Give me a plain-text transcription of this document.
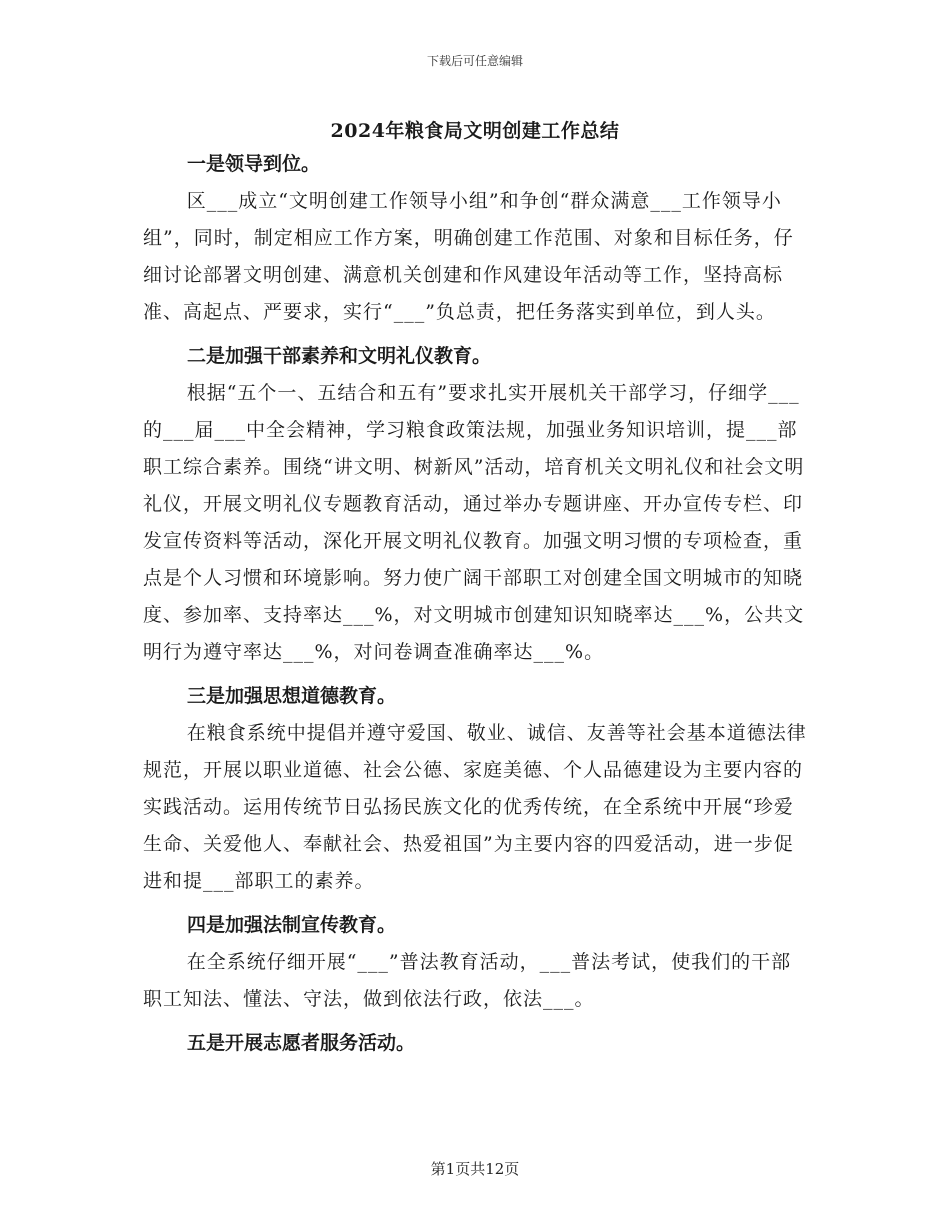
下载后可任意编辑
2024年粮食局文明创建工作总结

一是领导到位。

区___成立“文明创建工作领导小组”和争创“群众满意___工作领导小组”，同时，制定相应工作方案，明确创建工作范围、对象和目标任务，仔细讨论部署文明创建、满意机关创建和作风建设年活动等工作，坚持高标准、高起点、严要求，实行“___”负总责，把任务落实到单位，到人头。

二是加强干部素养和文明礼仪教育。

根据“五个一、五结合和五有”要求扎实开展机关干部学习，仔细学___的___届___中全会精神，学习粮食政策法规，加强业务知识培训，提___部职工综合素养。围绕“讲文明、树新风”活动，培育机关文明礼仪和社会文明礼仪，开展文明礼仪专题教育活动，通过举办专题讲座、开办宣传专栏、印发宣传资料等活动，深化开展文明礼仪教育。加强文明习惯的专项检查，重点是个人习惯和环境影响。努力使广阔干部职工对创建全国文明城市的知晓度、参加率、支持率达___%，对文明城市创建知识知晓率达___%，公共文明行为遵守率达___%，对问卷调查准确率达___%。

三是加强思想道德教育。

在粮食系统中提倡并遵守爱国、敬业、诚信、友善等社会基本道德法律规范，开展以职业道德、社会公德、家庭美德、个人品德建设为主要内容的实践活动。运用传统节日弘扬民族文化的优秀传统，在全系统中开展“珍爱生命、关爱他人、奉献社会、热爱祖国”为主要内容的四爱活动，进一步促进和提___部职工的素养。

四是加强法制宣传教育。

在全系统仔细开展“___”普法教育活动，___普法考试，使我们的干部职工知法、懂法、守法，做到依法行政，依法___。

五是开展志愿者服务活动。

第1页共12页
